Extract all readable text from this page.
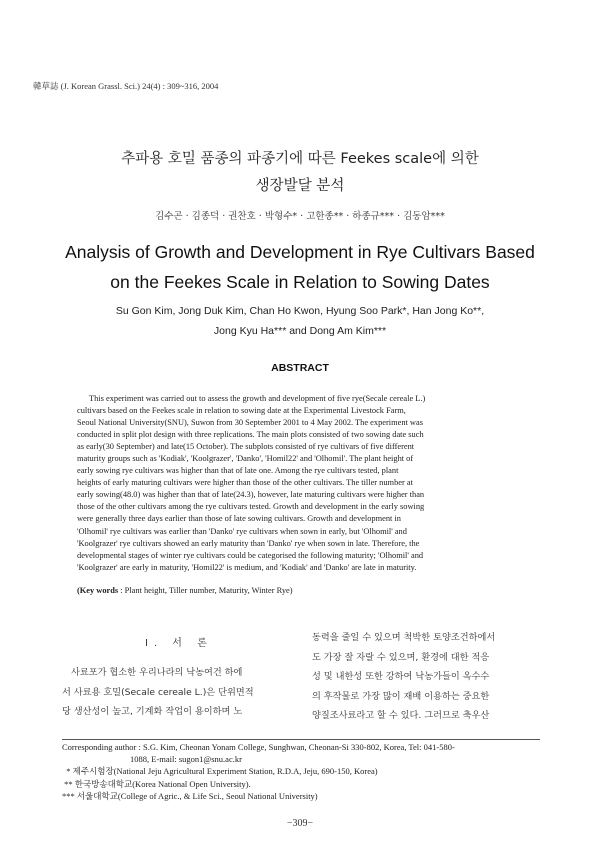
韓草誌 (J. Korean Grassl. Sci.) 24(4) : 309~316, 2004
추파용 호밀 품종의 파종기에 따른 Feekes scale에 의한
생장발달 분석
김수곤 · 김종덕 · 권찬호 · 박형수* · 고한종** · 하종규*** · 김동암***
Analysis of Growth and Development in Rye Cultivars Based
on the Feekes Scale in Relation to Sowing Dates
Su Gon Kim, Jong Duk Kim, Chan Ho Kwon, Hyung Soo Park*, Han Jong Ko**,
Jong Kyu Ha*** and Dong Am Kim***
ABSTRACT
This experiment was carried out to assess the growth and development of five rye(Secale cereale L.)
cultivars based on the Feekes scale in relation to sowing date at the Experimental Livestock Farm,
Seoul National University(SNU), Suwon from 30 September 2001 to 4 May 2002. The experiment was
conducted in split plot design with three replications. The main plots consisted of two sowing date such
as early(30 September) and late(15 October). The subplots consisted of rye cultivars of five different
maturity groups such as 'Kodiak', 'Koolgrazer', 'Danko', 'Homil22' and 'Olhomil'. The plant height of
early sowing rye cultivars was higher than that of late one. Among the rye cultivars tested, plant
heights of early maturing cultivars were higher than those of the other cultivars. The tiller number at
early sowing(48.0) was higher than that of late(24.3), however, late maturing cultivars were higher than
those of the other cultivars among the rye cultivars tested. Growth and development in the early sowing
were generally three days earlier than those of late sowing cultivars. Growth and development in
'Olhomil' rye cultivars was earlier than 'Danko' rye cultivars when sown in early, but 'Olhomil' and
'Koolgrazer' rye cultivars showed an early maturity than 'Danko' rye when sown in late. Therefore, the
developmental stages of winter rye cultivars could be categorised the following maturity; 'Olhomil' and
'Koolgrazer' are early in maturity, 'Homil22' is medium, and 'Kodiak' and 'Danko' are late in maturity.
(Key words : Plant height, Tiller number, Maturity, Winter Rye)
I. 서 론
사료포가 협소한 우리나라의 낙농여건 하에
서 사료용 호밀(Secale cereale L.)은 단위면적
당 생산성이 높고, 기계화 작업이 용이하며 노
동력을 줄일 수 있으며 척박한 토양조건하에서
도 가장 잘 자랄 수 있으며, 환경에 대한 적응
성 및 내한성 또한 강하여 낙농가들이 옥수수
의 후작물로 가장 많이 재배 이용하는 중요한
양질조사료라고 할 수 있다. 그러므로 축우산
Corresponding author : S.G. Kim, Cheonan Yonam College, Sunghwan, Cheonan-Si 330-802, Korea, Tel: 041-580-
1088, E-mail: sugon1@snu.ac.kr
* 제주시험장(National Jeju Agricultural Experiment Station, R.D.A, Jeju, 690-150, Korea)
** 한국방송대학교(Korea National Open University).
*** 서울대학교(College of Agric., & Life Sci., Seoul National University)
−309−
